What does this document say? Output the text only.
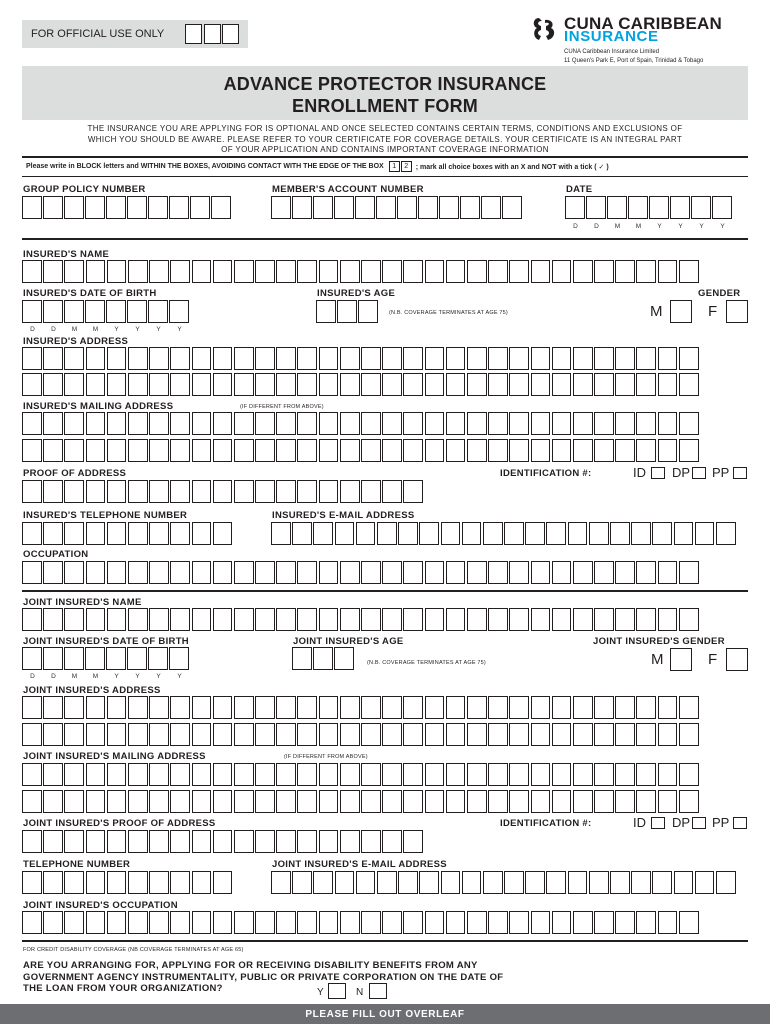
FOR OFFICIAL USE ONLY
CUNA CARIBBEAN
INSURANCE
CUNA Caribbean Insurance Limited
11 Queen's Park E, Port of Spain, Trinidad & Tobago
ADVANCE PROTECTOR INSURANCE
ENROLLMENT FORM
THE INSURANCE YOU ARE APPLYING FOR IS OPTIONAL AND ONCE SELECTED CONTAINS CERTAIN TERMS, CONDITIONS AND EXCLUSIONS OF
WHICH YOU SHOULD BE AWARE. PLEASE REFER TO YOUR CERTIFICATE FOR COVERAGE DETAILS. YOUR CERTIFICATE IS AN INTEGRAL PART
OF YOUR APPLICATION AND CONTAINS IMPORTANT COVERAGE INFORMATION
Please write in BLOCK letters and WITHIN THE BOXES, AVOIDING CONTACT WITH THE EDGE OF THE BOX	1	2	; mark all choice boxes with an X and NOT with a tick ( ✓ )
GROUP POLICY NUMBER	MEMBER'S ACCOUNT NUMBER	DATE
D	D	M	M	Y	Y	Y	Y
INSURED'S NAME
INSURED'S DATE OF BIRTH
D	D	M	M	Y	Y	Y	Y
INSURED'S AGE
(N.B. COVERAGE TERMINATES AT AGE 75)
GENDER
M	F
INSURED'S ADDRESS
INSURED'S MAILING ADDRESS	(IF DIFFERENT FROM ABOVE)
PROOF OF ADDRESS	IDENTIFICATION #:	ID DP PP
INSURED'S TELEPHONE NUMBER	INSURED'S E-MAIL ADDRESS
OCCUPATION
JOINT INSURED'S NAME
JOINT INSURED'S DATE OF BIRTH
D	D	M	M	Y	Y	Y	Y
JOINT INSURED'S AGE
(N.B. COVERAGE TERMINATES AT AGE 75)
JOINT INSURED'S GENDER
M	F
JOINT INSURED'S ADDRESS
JOINT INSURED'S MAILING ADDRESS	(IF DIFFERENT FROM ABOVE)
JOINT INSURED'S PROOF OF ADDRESS	IDENTIFICATION #:	ID DP PP
TELEPHONE NUMBER	JOINT INSURED'S E-MAIL ADDRESS
JOINT INSURED'S OCCUPATION
FOR CREDIT DISABILITY COVERAGE (NB COVERAGE TERMINATES AT AGE 65)
ARE YOU ARRANGING FOR, APPLYING FOR OR RECEIVING DISABILITY BENEFITS FROM ANY
GOVERNMENT AGENCY INSTRUMENTALITY, PUBLIC OR PRIVATE CORPORATION ON THE DATE OF
THE LOAN FROM YOUR ORGANIZATION?	Y	N
PLEASE FILL OUT OVERLEAF
